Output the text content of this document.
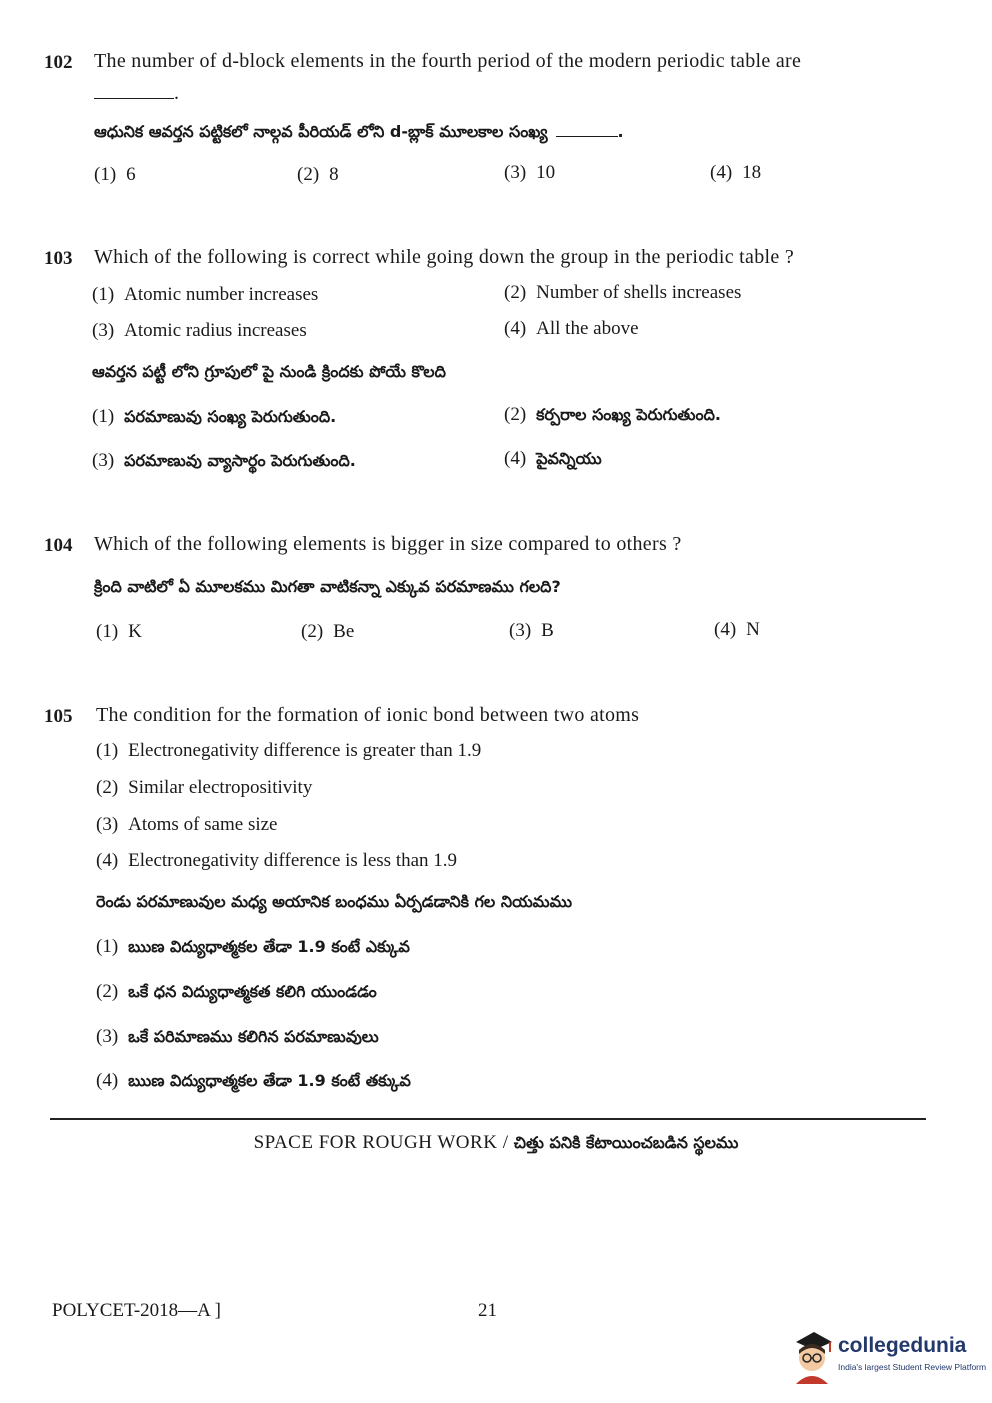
102 The number of d-block elements in the fourth period of the modern periodic table are
.
ఆధునిక ఆవర్తన పట్టికలో నాల్గవ పీరియడ్ లోని d-బ్లాక్ మూలకాల సంఖ్య	.
(1) 6	(2) 8	(3) 10	(4) 18
103 Which of the following is correct while going down the group in the periodic table ?
(1) Atomic number increases	(2) Number of shells increases
(3) Atomic radius increases	(4) All the above
ఆవర్తన పట్టీ లోని గ్రూపులో పై నుండి క్రిందకు పోయే కొలది
(1) పరమాణువు సంఖ్య పెరుగుతుంది.	(2) కర్పరాల సంఖ్య పెరుగుతుంది.
(3) పరమాణువు వ్యాసార్థం పెరుగుతుంది.	(4) పైవన్నియు
104 Which of the following elements is bigger in size compared to others ?
క్రింది వాటిలో ఏ మూలకము మిగతా వాటికన్నా ఎక్కువ పరమాణము గలది?
(1) K	(2) Be	(3) B	(4) N
105 The condition for the formation of ionic bond between two atoms
(1) Electronegativity difference is greater than 1.9
(2) Similar electropositivity
(3) Atoms of same size
(4) Electronegativity difference is less than 1.9
రెండు పరమాణువుల మధ్య అయానిక బంధము ఏర్పడడానికి గల నియమము
(1) ఋణ విద్యుధాత్మకల తేడా 1.9 కంటే ఎక్కువ
(2) ఒకే ధన విద్యుధాత్మకత కలిగి యుండడం
(3) ఒకే పరిమాణము కలిగిన పరమాణువులు
(4) ఋణ విద్యుధాత్మకల తేడా 1.9 కంటే తక్కువ
SPACE FOR ROUGH WORK / చిత్తు పనికి కేటాయించబడిన స్థలము
POLYCET-2018—A ]	21
collegedunia
India's largest Student Review Platform
